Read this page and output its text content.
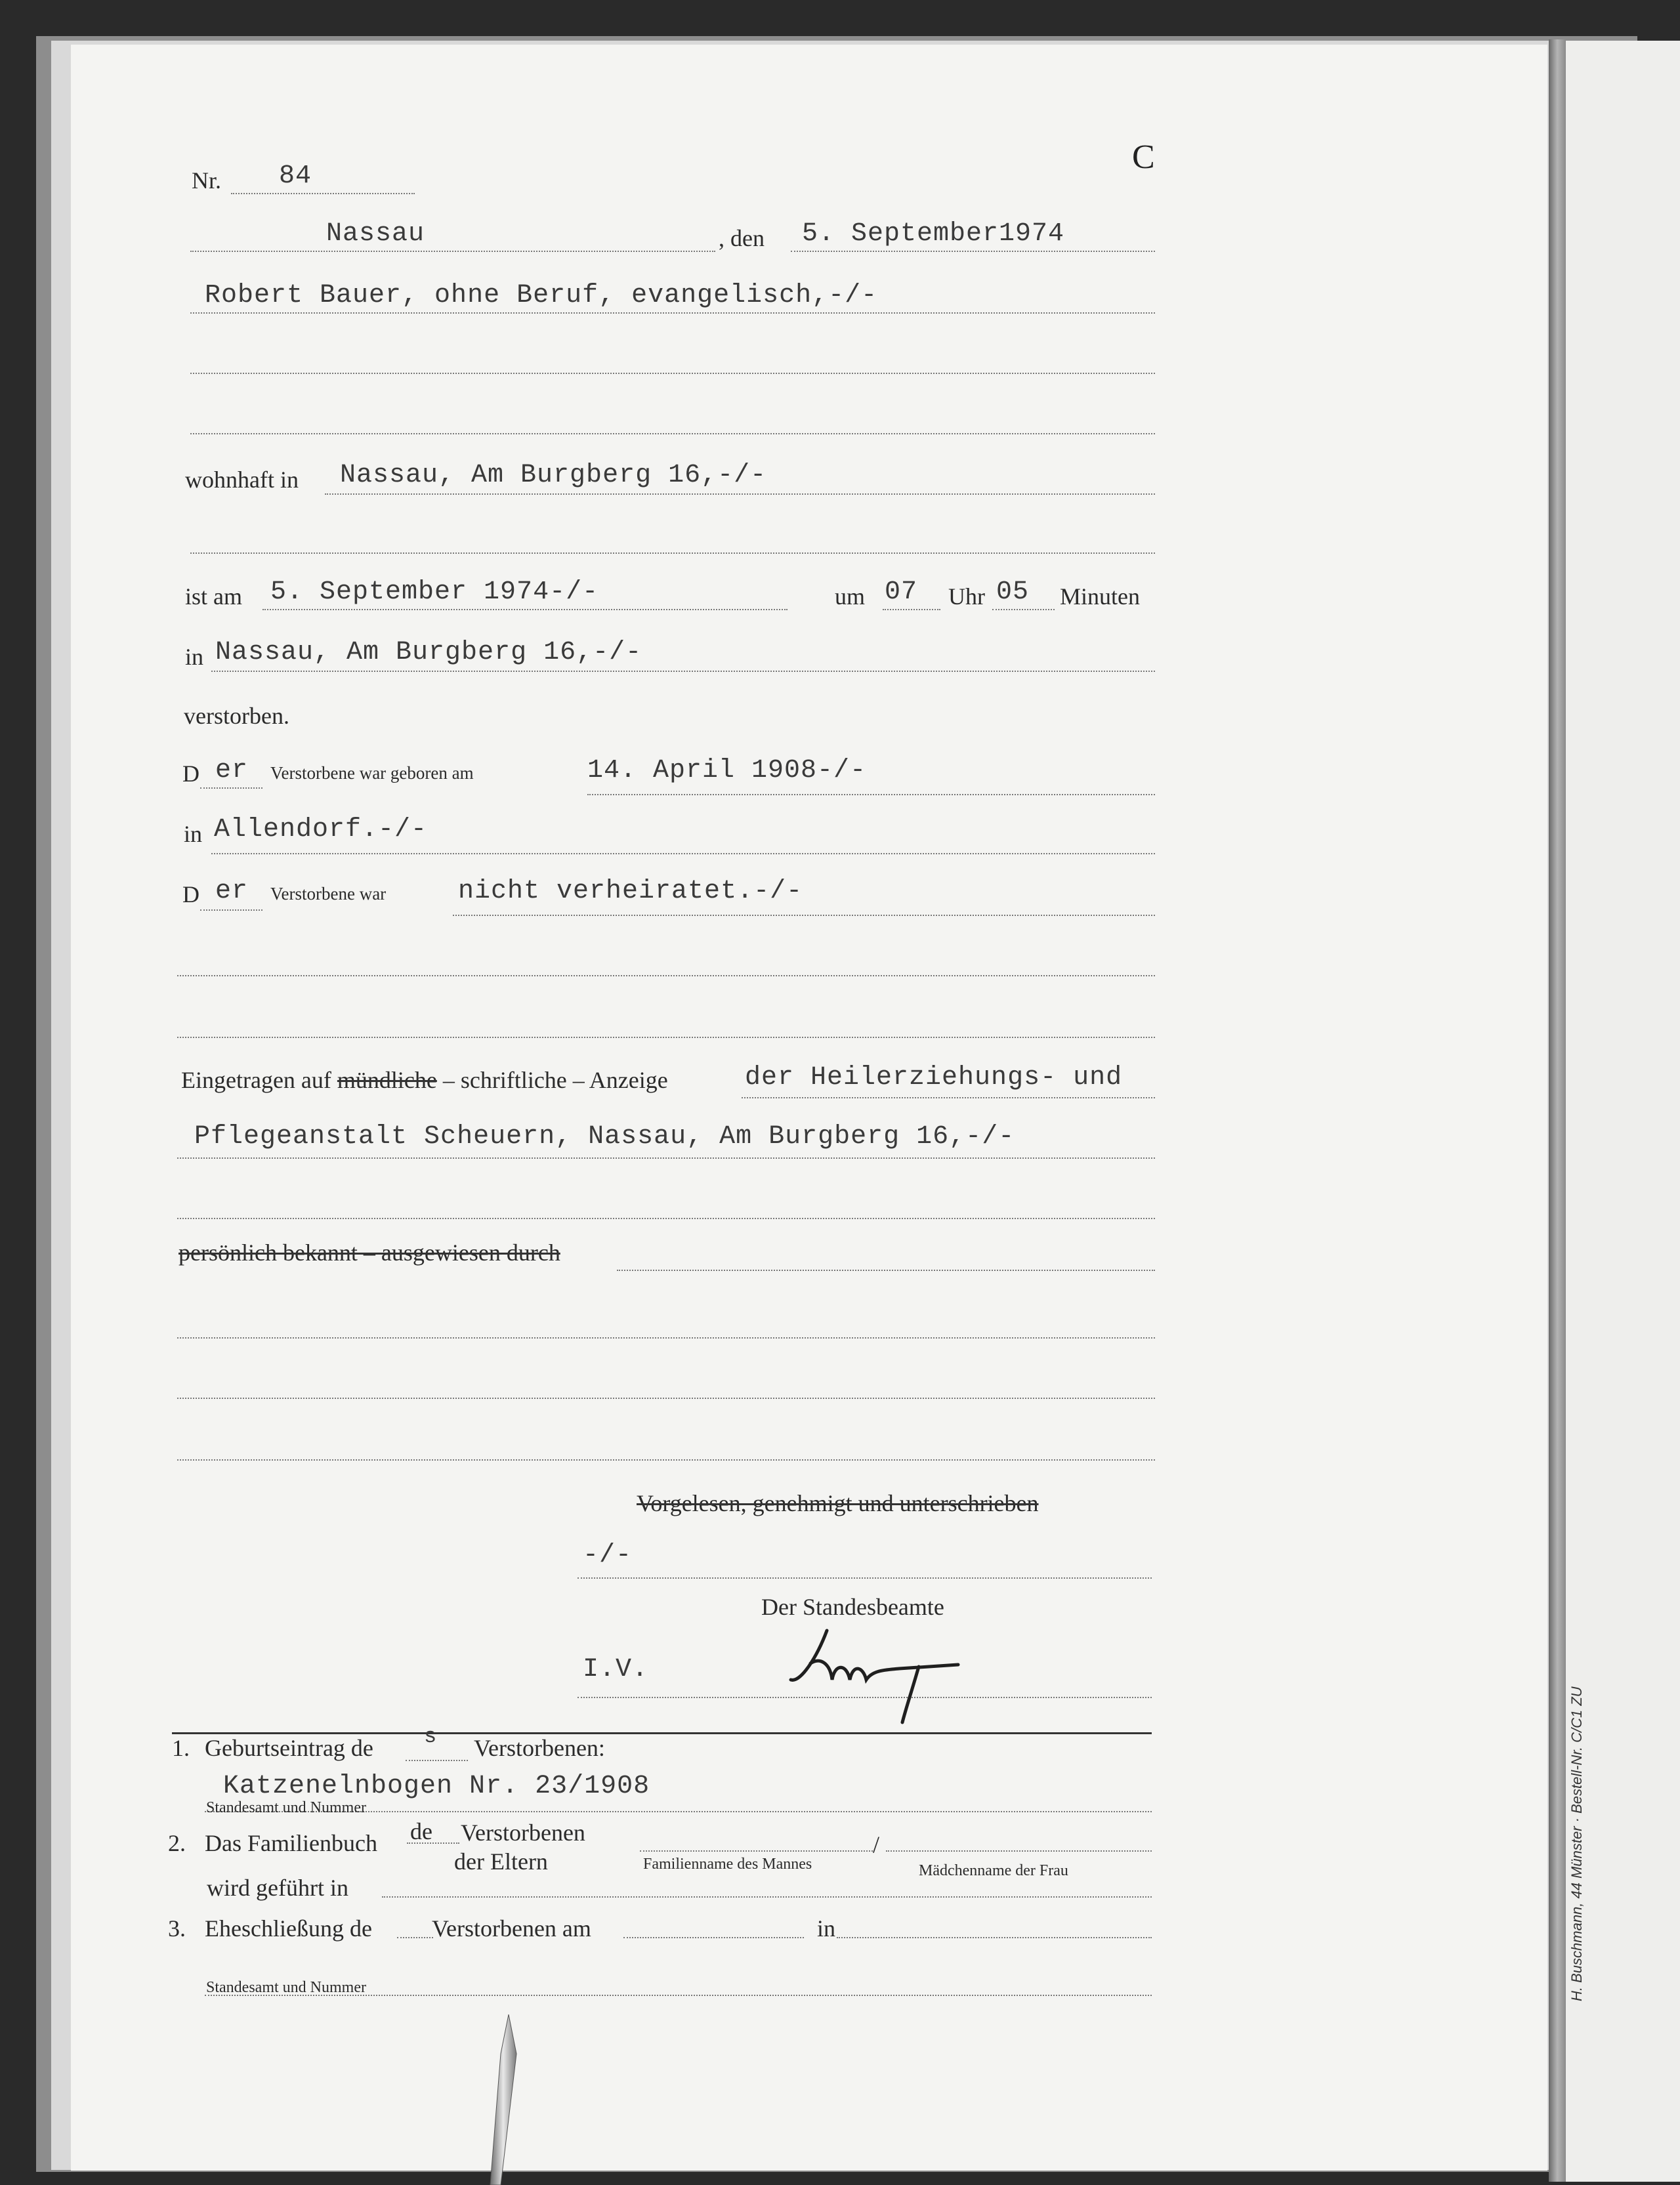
C
Nr. 84
Nassau	, den 5. September1974
Robert Bauer, ohne Beruf, evangelisch,-/-
wohnhaft in Nassau, Am Burgberg 16,-/-
ist am 5. September 1974-/-	um 07 Uhr 05 Minuten
in Nassau, Am Burgberg 16,-/-
verstorben.
D er Verstorbene war geboren am	14. April 1908-/-
in Allendorf.-/-
D er Verstorbene war	nicht verheiratet.-/-
Eingetragen auf mündliche – schriftliche – Anzeige	der Heilerziehungs- und
Pflegeanstalt Scheuern, Nassau, Am Burgberg 16,-/-
persönlich bekannt – ausgewiesen durch
Vorgelesen, genehmigt und unterschrieben
-/-
Der Standesbeamte
I.V.
1. Geburtseintrag de s Verstorbenen:
Katzenelnbogen Nr. 23/1908
Standesamt und Nummer
2. Das Familienbuch de Verstorbenen
der Eltern	Familienname des Mannes
/
Mädchenname der Frau
wird geführt in
3. Eheschließung de	Verstorbenen am	in
Standesamt und Nummer	H. Buschmann, 44 Münster · Bestell-Nr. C/C1 ZU
